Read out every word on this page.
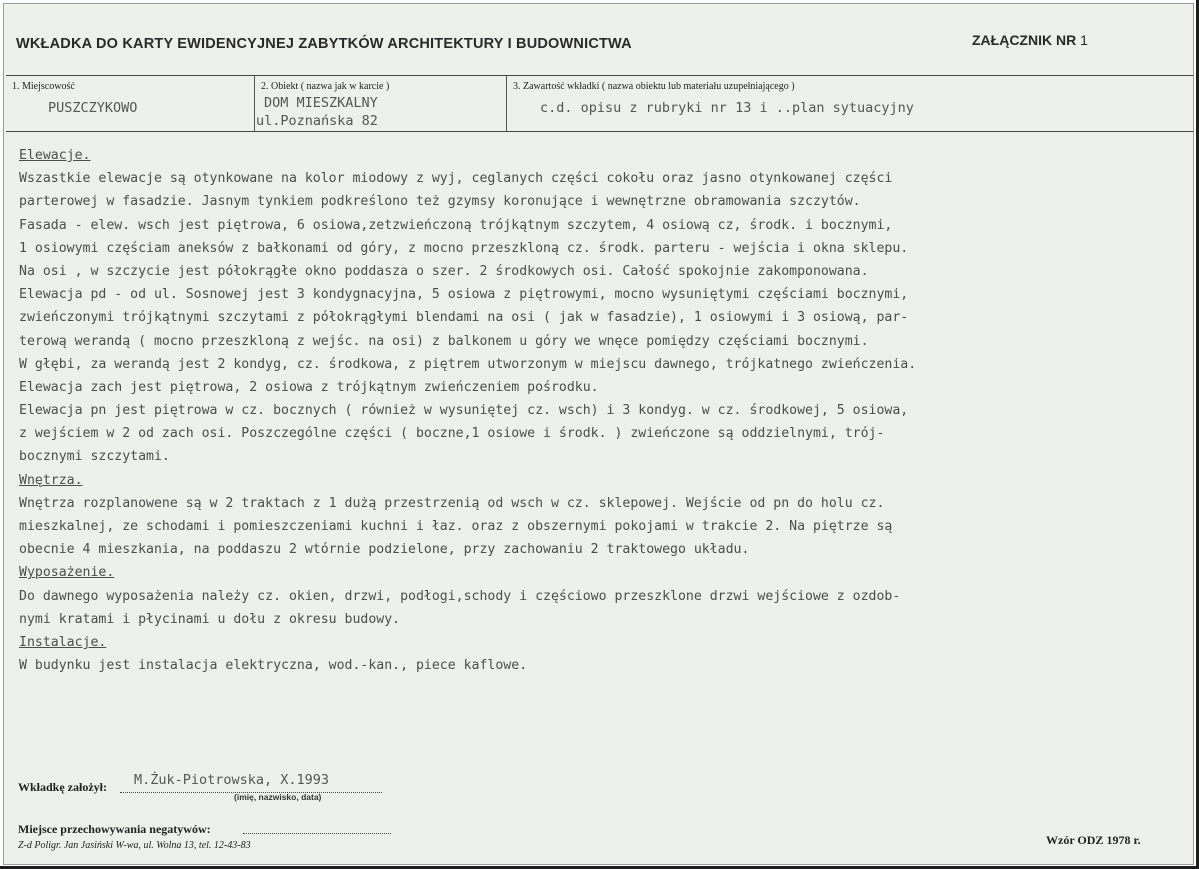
WKŁADKA DO KARTY EWIDENCYJNEJ ZABYTKÓW ARCHITEKTURY I BUDOWNICTWA	ZAŁĄCZNIK NR 1
1. Miejscowość
PUSZCZYKOWO
2. Obiekt ( nazwa jak w karcie )
DOM MIESZKALNY
ul.Poznańska 82
3. Zawartość wkładki ( nazwa obiektu lub materiału uzupełniającego )
c.d. opisu z rubryki nr 13 i ..plan sytuacyjny
Elewacje.
Wszastkie elewacje są otynkowane na kolor miodowy z wyj, ceglanych części cokołu oraz jasno otynkowanej części
parterowej w fasadzie. Jasnym tynkiem podkreślono też gzymsy koronujące i wewnętrzne obramowania szczytów.
Fasada - elew. wsch jest piętrowa, 6 osiowa,zetzwieńczoną trójkątnym szczytem, 4 osiową cz, środk. i bocznymi,
1 osiowymi częściam aneksów z bałkonami od góry, z mocno przeszkloną cz. środk. parteru - wejścia i okna sklepu.
Na osi , w szczycie jest półokrągłe okno poddasza o szer. 2 środkowych osi. Całość spokojnie zakomponowana.
Elewacja pd - od ul. Sosnowej jest 3 kondygnacyjna, 5 osiowa z piętrowymi, mocno wysuniętymi częściami bocznymi,
zwieńczonymi trójkątnymi szczytami z półokrągłymi blendami na osi ( jak w fasadzie), 1 osiowymi i 3 osiową, par-
terową werandą ( mocno przeszkloną z wejśc. na osi) z balkonem u góry we wnęce pomiędzy częściami bocznymi.
W głębi, za werandą jest 2 kondyg, cz. środkowa, z piętrem utworzonym w miejscu dawnego, trójkatnego zwieńczenia.
Elewacja zach jest piętrowa, 2 osiowa z trójkątnym zwieńczeniem pośrodku.
Elewacja pn jest piętrowa w cz. bocznych ( również w wysuniętej cz. wsch) i 3 kondyg. w cz. środkowej, 5 osiowa,
z wejściem w 2 od zach osi. Poszczególne części ( boczne,1 osiowe i środk. ) zwieńczone są oddzielnymi, trój-
bocznymi szczytami.
Wnętrza.
Wnętrza rozplanowene są w 2 traktach z 1 dużą przestrzenią od wsch w cz. sklepowej. Wejście od pn do holu cz.
mieszkalnej, ze schodami i pomieszczeniami kuchni i łaz. oraz z obszernymi pokojami w trakcie 2. Na piętrze są
obecnie 4 mieszkania, na poddaszu 2 wtórnie podzielone, przy zachowaniu 2 traktowego układu.
Wyposażenie.
Do dawnego wyposażenia należy cz. okien, drzwi, podłogi,schody i częściowo przeszklone drzwi wejściowe z ozdob-
nymi kratami i płycinami u dołu z okresu budowy.
Instalacje.
W budynku jest instalacja elektryczna, wod.-kan., piece kaflowe.
Wkładkę założył: M.Żuk-Piotrowska, X.1993
(imię, nazwisko, data)
Miejsce przechowywania negatywów:
Z-d Poligr. Jan Jasiński W-wa, ul. Wolna 13, tel. 12-43-83	Wzór ODZ 1978 r.
